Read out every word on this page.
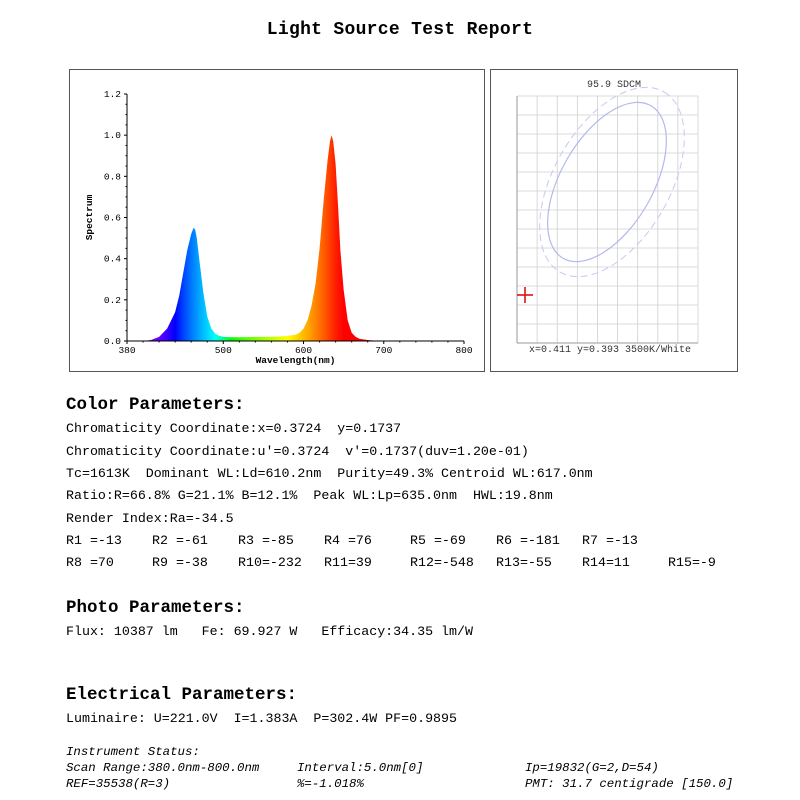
Light Source Test Report
0.0
0.2
0.4
0.6
0.8
1.0
1.2
380	500	600	700	800
Wavelength(nm)
Spectrum
95.9 SDCM
x=0.411 y=0.393 3500K/White
Color Parameters:
Chromaticity Coordinate:x=0.3724  y=0.1737
Chromaticity Coordinate:u'=0.3724  v'=0.1737(duv=1.20e-01)
Tc=1613K  Dominant WL:Ld=610.2nm  Purity=49.3% Centroid WL:617.0nm
Ratio:R=66.8% G=21.1% B=12.1%  Peak WL:Lp=635.0nm  HWL:19.8nm
Render Index:Ra=-34.5
R1 =-13 R2 =-61 R3 =-85 R4 =76	R5 =-69 R6 =-181 R7 =-13
R8 =70	R9 =-38 R10=-232 R11=39	R12=-548 R13=-55 R14=11	R15=-9
Photo Parameters:
Flux: 10387 lm   Fe: 69.927 W   Efficacy:34.35 lm/W
Electrical Parameters:
Luminaire: U=221.0V  I=1.383A  P=302.4W PF=0.9895
Instrument Status:
Scan Range:380.0nm-800.0nm	Interval:5.0nm[0]	Ip=19832(G=2,D=54)
REF=35538(R=3)	%=-1.018%	PMT: 31.7 centigrade [150.0]
